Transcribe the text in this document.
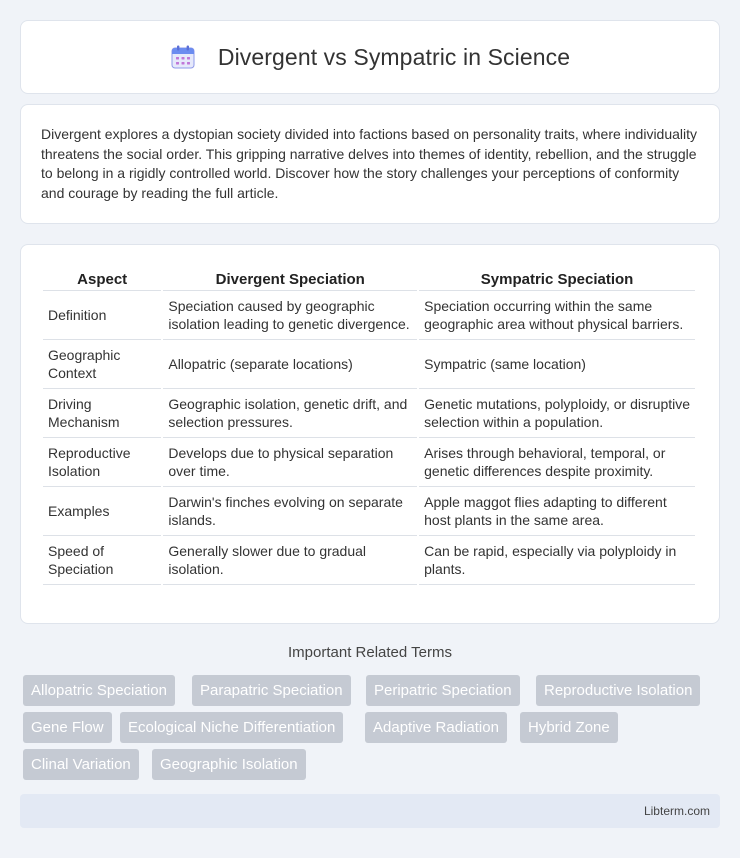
Divergent vs Sympatric in Science

Divergent explores a dystopian society divided into factions based on personality traits, where individuality threatens the social order. This gripping narrative delves into themes of identity, rebellion, and the struggle to belong in a rigidly controlled world. Discover how the story challenges your perceptions of conformity and courage by reading the full article.

Aspect	Divergent Speciation	Sympatric Speciation
Definition	Speciation caused by geographic isolation leading to genetic divergence.	Speciation occurring within the same geographic area without physical barriers.
Geographic Context	Allopatric (separate locations)	Sympatric (same location)
Driving Mechanism	Geographic isolation, genetic drift, and selection pressures.	Genetic mutations, polyploidy, or disruptive selection within a population.
Reproductive Isolation	Develops due to physical separation over time.	Arises through behavioral, temporal, or genetic differences despite proximity.
Examples	Darwin's finches evolving on separate islands.	Apple maggot flies adapting to different host plants in the same area.
Speed of Speciation	Generally slower due to gradual isolation.	Can be rapid, especially via polyploidy in plants.
Important Related Terms
Allopatric Speciation	Parapatric Speciation	Peripatric Speciation	Reproductive Isolation
Gene Flow	Ecological Niche Differentiation	Adaptive Radiation	Hybrid Zone
Clinal Variation	Geographic Isolation
Libterm.com
